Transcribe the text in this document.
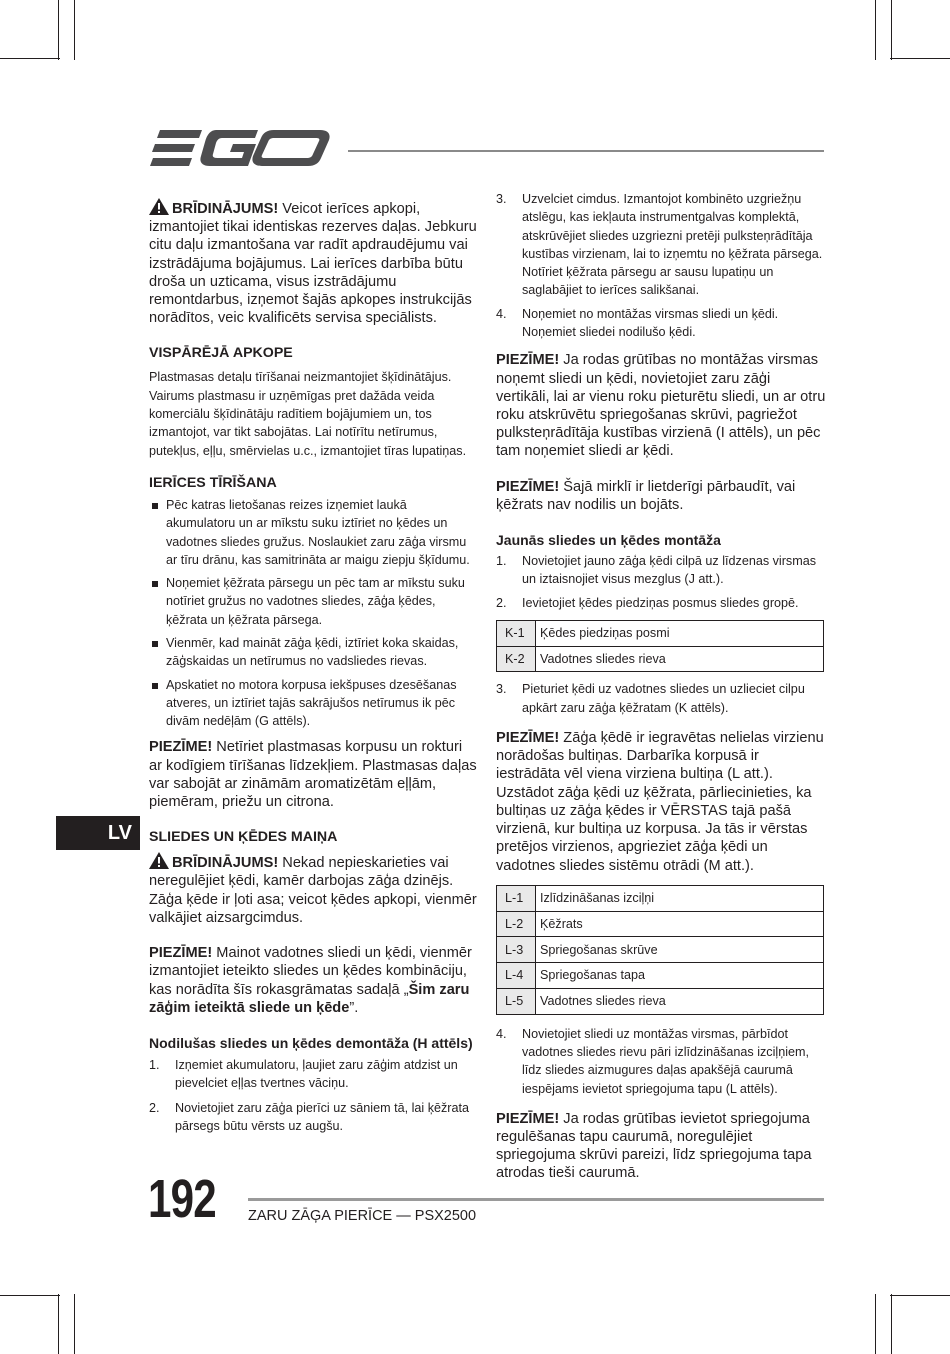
LV

BRĪDINĀJUMS! Veicot ierīces apkopi, izmantojiet tikai identiskas rezerves daļas. Jebkuru citu daļu izmantošana var radīt apdraudējumu vai izstrādājuma bojājumus. Lai ierīces darbība būtu droša un uzticama, visus izstrādājumu remontdarbus, izņemot šajās apkopes instrukcijās norādītos, veic kvalificēts servisa speciālists.

VISPĀRĒJĀ APKOPE

Plastmasas detaļu tīrīšanai neizmantojiet šķīdinātājus. Vairums plastmasu ir uzņēmīgas pret dažāda veida komerciālu šķīdinātāju radītiem bojājumiem un, tos izmantojot, var tikt sabojātas. Lai notīrītu netīrumus, putekļus, eļļu, smērvielas u.c., izmantojiet tīras lupatiņas.

IERĪCES TĪRĪŠANA

Pēc katras lietošanas reizes izņemiet laukā akumulatoru un ar mīkstu suku iztīriet no ķēdes un vadotnes sliedes gružus. Noslaukiet zaru zāģa virsmu ar tīru drānu, kas samitrināta ar maigu ziepju šķīdumu.
Noņemiet ķēžrata pārsegu un pēc tam ar mīkstu suku notīriet gružus no vadotnes sliedes, zāģa ķēdes, ķēžrata un ķēžrata pārsega.
Vienmēr, kad maināt zāģa ķēdi, iztīriet koka skaidas, zāģskaidas un netīrumus no vadsliedes rievas.
Apskatiet no motora korpusa iekšpuses dzesēšanas atveres, un iztīriet tajās sakrājušos netīrumus ik pēc divām nedēļām (G attēls).

PIEZĪME! Netīriet plastmasas korpusu un rokturi ar kodīgiem tīrīšanas līdzekļiem. Plastmasas daļas var sabojāt ar zināmām aromatizētām eļļām, piemēram, priežu un citrona.

SLIEDES UN ĶĒDES MAIŅA

BRĪDINĀJUMS! Nekad nepieskarieties vai neregulējiet ķēdi, kamēr darbojas zāģa dzinējs. Zāģa ķēde ir ļoti asa; veicot ķēdes apkopi, vienmēr valkājiet aizsargcimdus.

PIEZĪME! Mainot vadotnes sliedi un ķēdi, vienmēr izmantojiet ieteikto sliedes un ķēdes kombināciju, kas norādīta šīs rokasgrāmatas sadaļā „Šim zaru zāģim ieteiktā sliede un ķēde”.

Nodilušas sliedes un ķēdes demontāža (H attēls)

1. Izņemiet akumulatoru, ļaujiet zaru zāģim atdzist un pievelciet eļļas tvertnes vāciņu.
2. Novietojiet zaru zāģa pierīci uz sāniem tā, lai ķēžrata pārsegs būtu vērsts uz augšu.
3. Uzvelciet cimdus. Izmantojot kombinēto uzgriežņu atslēgu, kas iekļauta instrumentgalvas komplektā, atskrūvējiet sliedes uzgriezni pretēji pulksteņrādītāja kustības virzienam, lai to izņemtu no ķēžrata pārsega. Notīriet ķēžrata pārsegu ar sausu lupatiņu un saglabājiet to ierīces salikšanai.
4. Noņemiet no montāžas virsmas sliedi un ķēdi. Noņemiet sliedei nodilušo ķēdi.

PIEZĪME! Ja rodas grūtības no montāžas virsmas noņemt sliedi un ķēdi, novietojiet zaru zāģi vertikāli, lai ar vienu roku pieturētu sliedi, un ar otru roku atskrūvētu spriegošanas skrūvi, pagriežot pulksteņrādītāja kustības virzienā (I attēls), un pēc tam noņemiet sliedi ar ķēdi.

PIEZĪME! Šajā mirklī ir lietderīgi pārbaudīt, vai ķēžrats nav nodilis un bojāts.

Jaunās sliedes un ķēdes montāža

1. Novietojiet jauno zāģa ķēdi cilpā uz līdzenas virsmas un iztaisnojiet visus mezglus (J att.).
2. Ievietojiet ķēdes piedziņas posmus sliedes gropē.
K-1	Ķēdes piedziņas posmi
K-2	Vadotnes sliedes rieva
3. Pieturiet ķēdi uz vadotnes sliedes un uzlieciet cilpu apkārt zaru zāģa ķēžratam (K attēls).

PIEZĪME! Zāģa ķēdē ir iegravētas nelielas virzienu norādošas bultiņas. Darbarīka korpusā ir iestrādāta vēl viena virziena bultiņa (L att.). Uzstādot zāģa ķēdi uz ķēžrata, pārliecinieties, ka bultiņas uz zāģa ķēdes ir VĒRSTAS tajā pašā virzienā, kur bultiņa uz korpusa. Ja tās ir vērstas pretējos virzienos, apgrieziet zāģa ķēdi un vadotnes sliedes sistēmu otrādi (M att.).

L-1	Izlīdzināšanas izciļņi
L-2	Ķēžrats
L-3	Spriegošanas skrūve
L-4	Spriegošanas tapa
L-5	Vadotnes sliedes rieva
4. Novietojiet sliedi uz montāžas virsmas, pārbīdot vadotnes sliedes rievu pāri izlīdzināšanas izciļņiem, līdz sliedes aizmugures daļas apakšējā caurumā iespējams ievietot spriegojuma tapu (L attēls).

PIEZĪME! Ja rodas grūtības ievietot spriegojuma regulēšanas tapu caurumā, noregulējiet spriegojuma skrūvi pareizi, līdz spriegojuma tapa atrodas tieši caurumā.

192 ZARU ZĀĢA PIERĪCE — PSX2500
